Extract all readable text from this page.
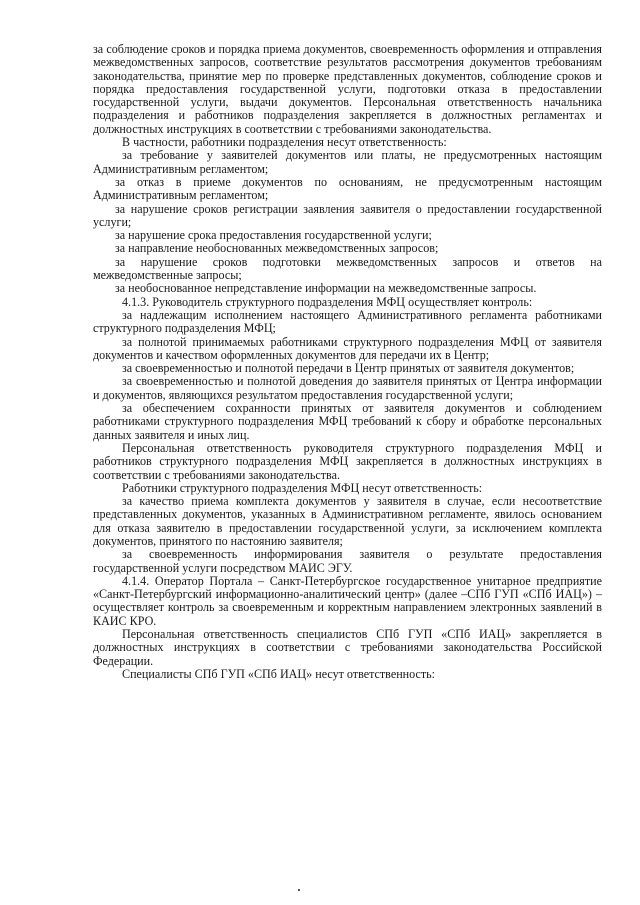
за соблюдение сроков и порядка приема документов, своевременность оформления и отправления межведомственных запросов, соответствие результатов рассмотрения документов требованиям законодательства, принятие мер по проверке представленных документов, соблюдение сроков и порядка предоставления государственной услуги, подготовки отказа в предоставлении государственной услуги, выдачи документов. Персональная ответственность начальника подразделения и работников подразделения закрепляется в должностных регламентах и должностных инструкциях в соответствии с требованиями законодательства.

В частности, работники подразделения несут ответственность:

за требование у заявителей документов или платы, не предусмотренных настоящим Административным регламентом;

за отказ в приеме документов по основаниям, не предусмотренным настоящим Административным регламентом;

за нарушение сроков регистрации заявления заявителя о предоставлении государственной услуги;

за нарушение срока предоставления государственной услуги;

за направление необоснованных межведомственных запросов;

за нарушение сроков подготовки межведомственных запросов и ответов на межведомственные запросы;

за необоснованное непредставление информации на межведомственные запросы.

4.1.3. Руководитель структурного подразделения МФЦ осуществляет контроль:

за надлежащим исполнением настоящего Административного регламента работниками структурного подразделения МФЦ;

за полнотой принимаемых работниками структурного подразделения МФЦ от заявителя документов и качеством оформленных документов для передачи их в Центр;

за своевременностью и полнотой передачи в Центр принятых от заявителя документов;

за своевременностью и полнотой доведения до заявителя принятых от Центра информации и документов, являющихся результатом предоставления государственной услуги;

за обеспечением сохранности принятых от заявителя документов и соблюдением работниками структурного подразделения МФЦ требований к сбору и обработке персональных данных заявителя и иных лиц.

Персональная ответственность руководителя структурного подразделения МФЦ и работников структурного подразделения МФЦ закрепляется в должностных инструкциях в соответствии с требованиями законодательства.

Работники структурного подразделения МФЦ несут ответственность:

за качество приема комплекта документов у заявителя в случае, если несоответствие представленных документов, указанных в Административном регламенте, явилось основанием для отказа заявителю в предоставлении государственной услуги, за исключением комплекта документов, принятого по настоянию заявителя;

за своевременность информирования заявителя о результате предоставления государственной услуги посредством МАИС ЭГУ.

4.1.4. Оператор Портала – Санкт-Петербургское государственное унитарное предприятие «Санкт-Петербургский информационно-аналитический центр» (далее –СПб ГУП «СПб ИАЦ») – осуществляет контроль за своевременным и корректным направлением электронных заявлений в КАИС КРО.

Персональная ответственность специалистов СПб ГУП «СПб ИАЦ» закрепляется в должностных инструкциях в соответствии с требованиями законодательства Российской Федерации.

Специалисты СПб ГУП «СПб ИАЦ» несут ответственность:
